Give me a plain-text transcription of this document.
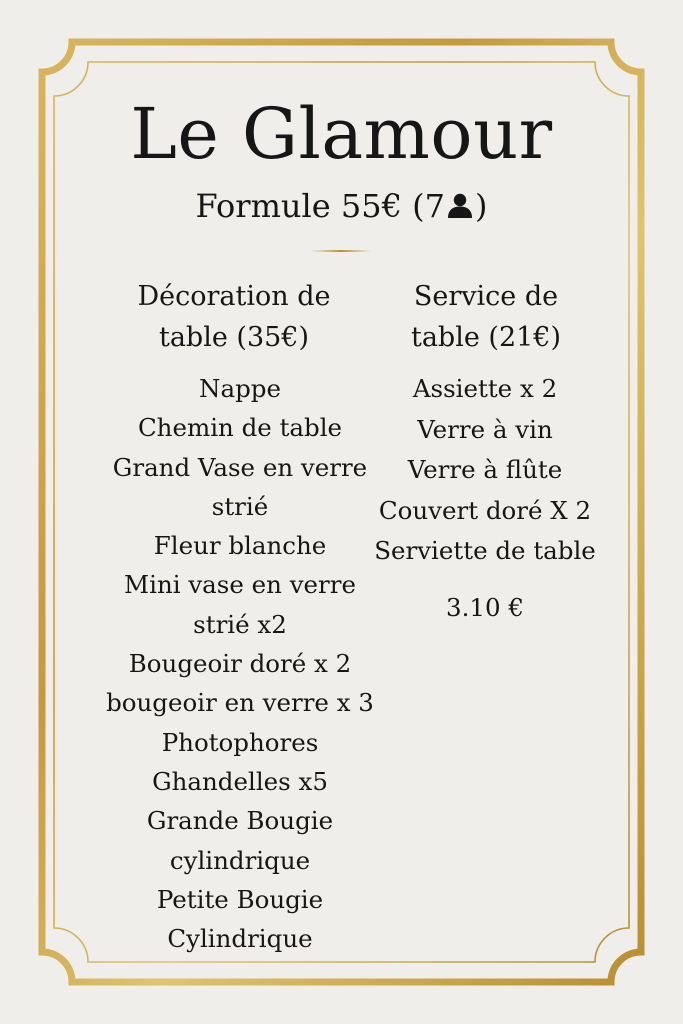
Le Glamour
Formule 55€ (7 )
Décoration de
table (35€)
Service de
table (21€)
Nappe
Chemin de table
Grand Vase en verre
strié
Fleur blanche
Mini vase en verre
strié x2
Bougeoir doré x 2
bougeoir en verre x 3
Photophores
Ghandelles x5
Grande Bougie
cylindrique
Petite Bougie
Cylindrique
Assiette x 2
Verre à vin
Verre à flûte
Couvert doré X 2
Serviette de table
3.10 €
